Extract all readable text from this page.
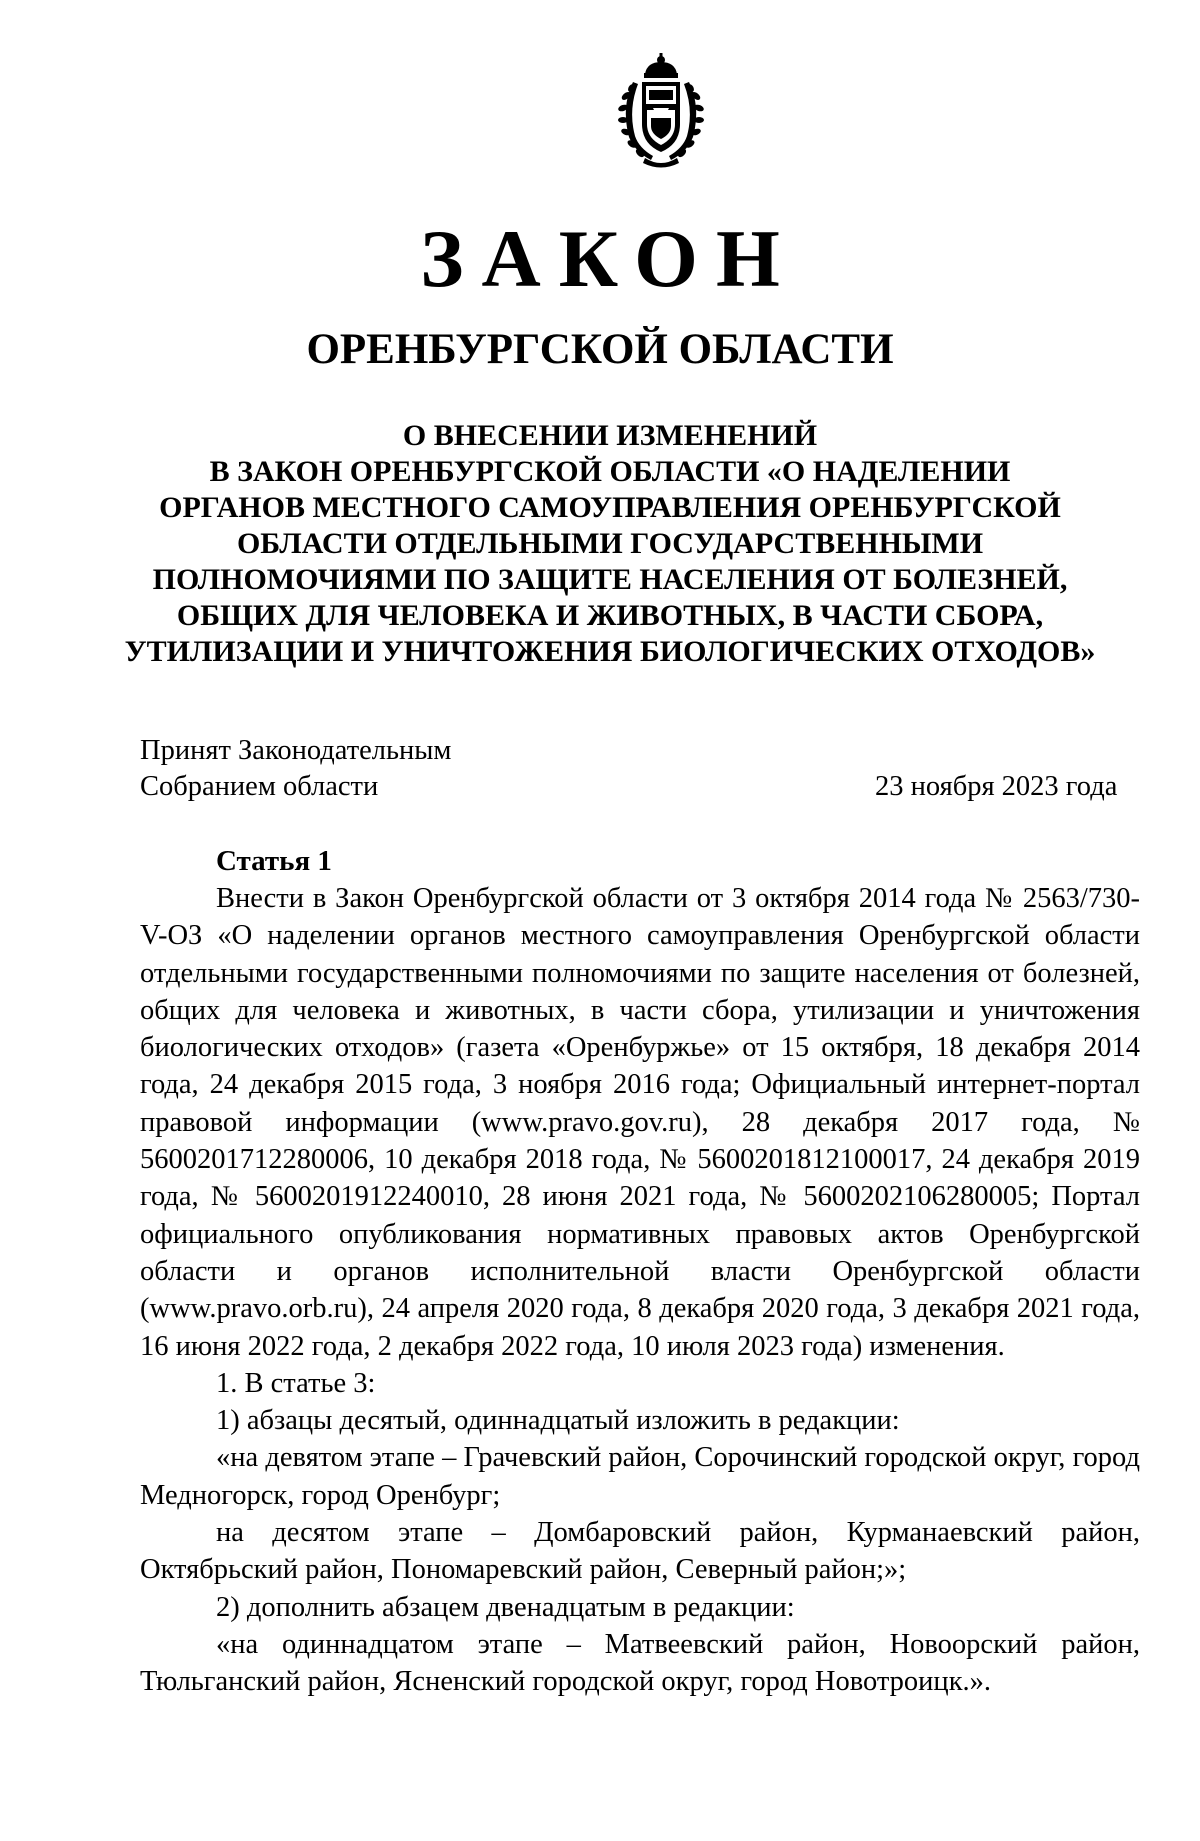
ЗАКОН
ОРЕНБУРГСКОЙ ОБЛАСТИ
О ВНЕСЕНИИ ИЗМЕНЕНИЙ
В ЗАКОН ОРЕНБУРГСКОЙ ОБЛАСТИ «О НАДЕЛЕНИИ
ОРГАНОВ МЕСТНОГО САМОУПРАВЛЕНИЯ ОРЕНБУРГСКОЙ
ОБЛАСТИ ОТДЕЛЬНЫМИ ГОСУДАРСТВЕННЫМИ
ПОЛНОМОЧИЯМИ ПО ЗАЩИТЕ НАСЕЛЕНИЯ ОТ БОЛЕЗНЕЙ,
ОБЩИХ ДЛЯ ЧЕЛОВЕКА И ЖИВОТНЫХ, В ЧАСТИ СБОРА,
УТИЛИЗАЦИИ И УНИЧТОЖЕНИЯ БИОЛОГИЧЕСКИХ ОТХОДОВ»
Принят Законодательным
Собранием области	23 ноября 2023 года
Статья 1

Внести в Закон Оренбургской области от 3 октября 2014 года № 2563/730-V-ОЗ «О наделении органов местного самоуправления Оренбургской области отдельными государственными полномочиями по защите населения от болезней, общих для человека и животных, в части сбора, утилизации и уничтожения биологических отходов» (газета «Оренбуржье» от 15 октября, 18 декабря 2014 года, 24 декабря 2015 года, 3 ноября 2016 года; Официальный интернет-портал правовой информации (www.pravo.gov.ru), 28 декабря 2017 года, № 5600201712280006, 10 декабря 2018 года, № 5600201812100017, 24 декабря 2019 года, № 5600201912240010, 28 июня 2021 года, № 5600202106280005; Портал официального опубликования нормативных правовых актов Оренбургской области и органов исполнительной власти Оренбургской области (www.pravo.orb.ru), 24 апреля 2020 года, 8 декабря 2020 года, 3 декабря 2021 года, 16 июня 2022 года, 2 декабря 2022 года, 10 июля 2023 года) изменения.

1. В статье 3:

1) абзацы десятый, одиннадцатый изложить в редакции:

«на девятом этапе – Грачевский район, Сорочинский городской округ, город Медногорск, город Оренбург;

на десятом этапе – Домбаровский район, Курманаевский район, Октябрьский район, Пономаревский район, Северный район;»;

2) дополнить абзацем двенадцатым в редакции:

«на одиннадцатом этапе – Матвеевский район, Новоорский район, Тюльганский район, Ясненский городской округ, город Новотроицк.».
